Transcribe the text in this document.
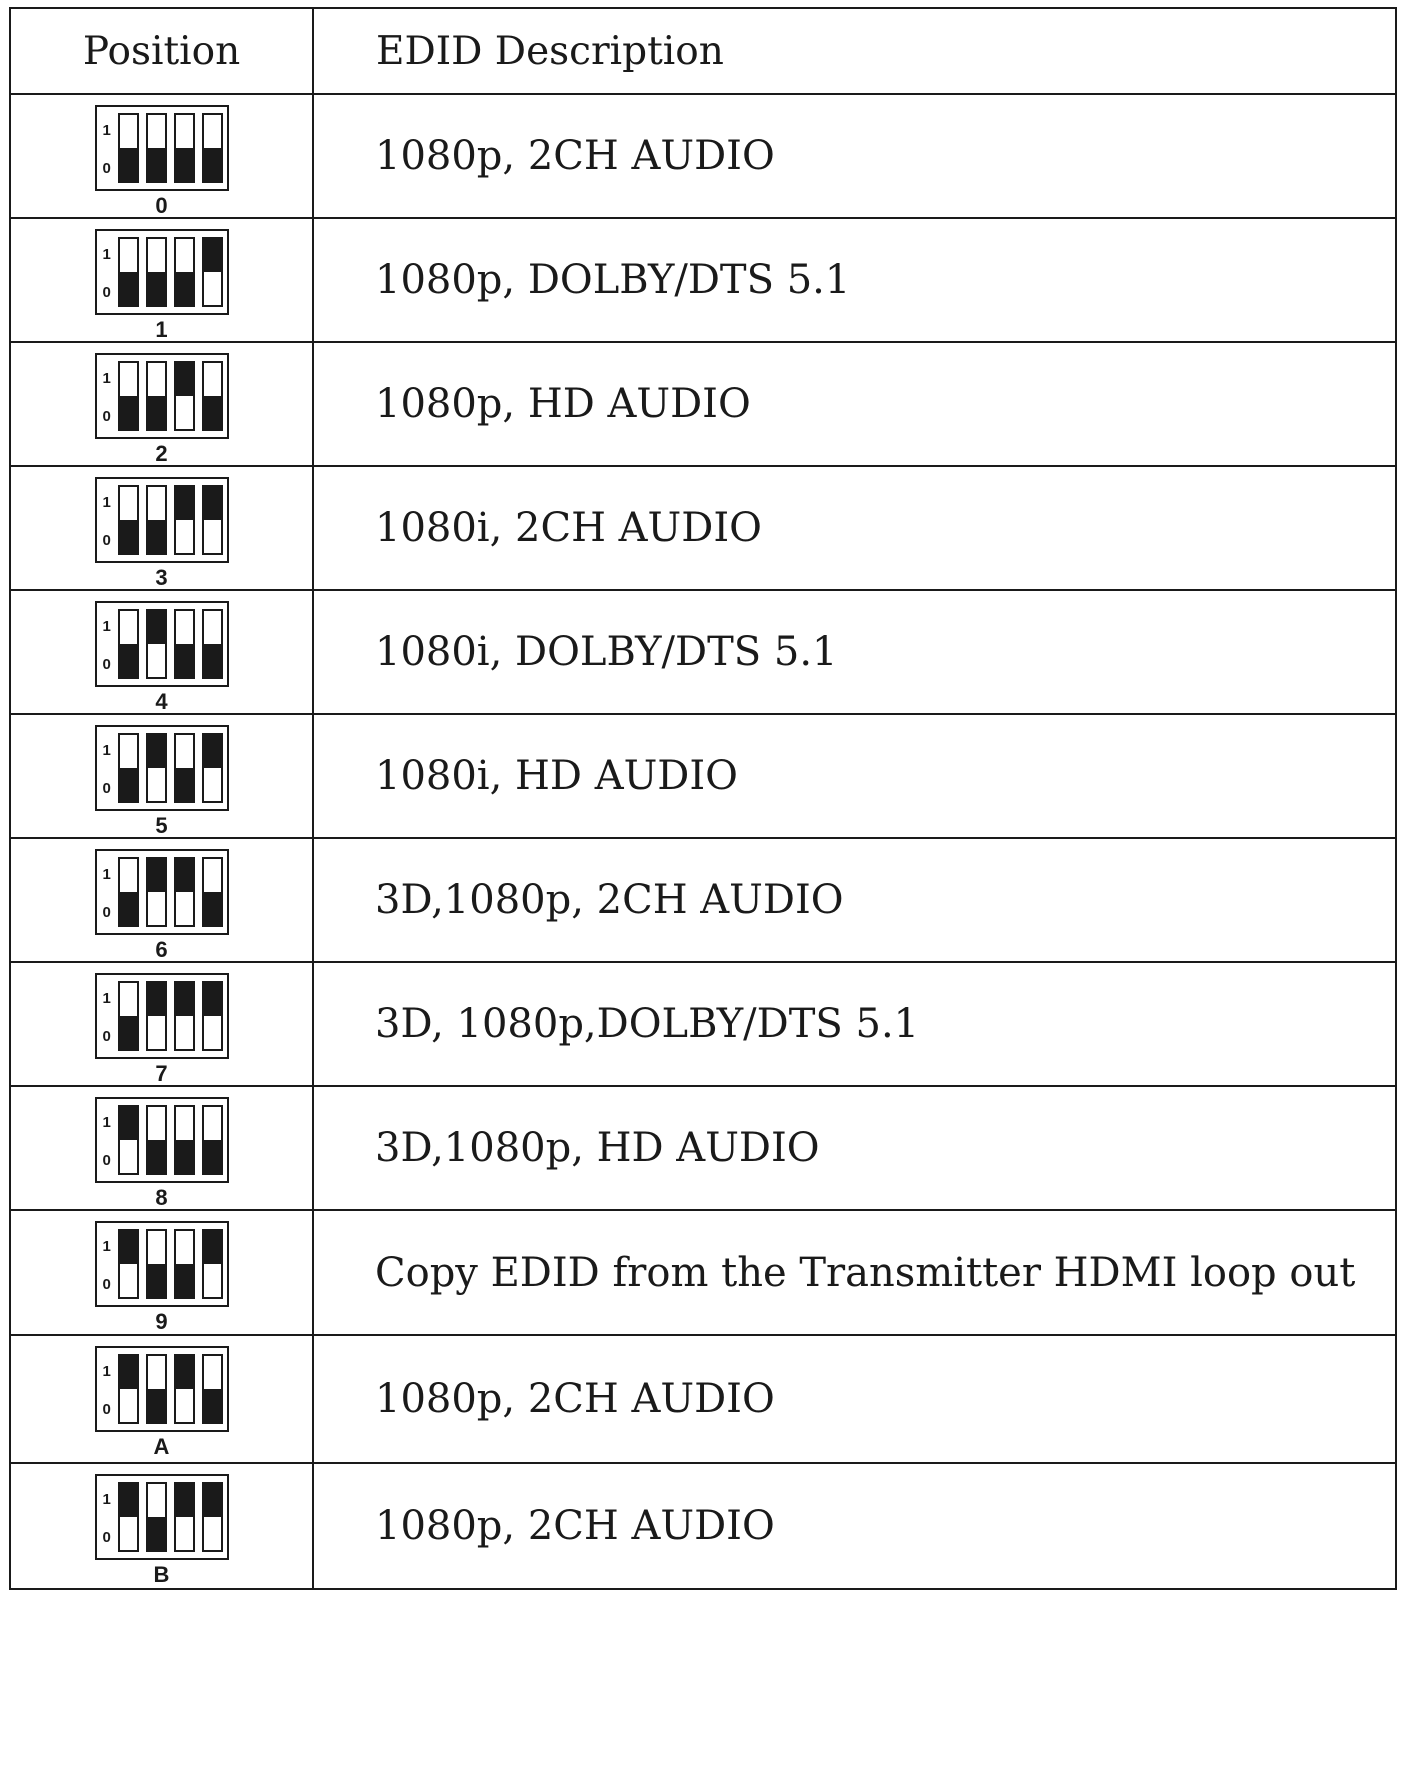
Position	EDID Description

1
0
0	1080p, 2CH AUDIO

1
0
1	1080p, DOLBY/DTS 5.1

1
0
2	1080p, HD AUDIO

1
0
3	1080i, 2CH AUDIO

1
0
4	1080i, DOLBY/DTS 5.1

1
0
5	1080i, HD AUDIO

1
0
6	3D,1080p, 2CH AUDIO

1
0
7	3D, 1080p,DOLBY/DTS 5.1

1
0
8	3D,1080p, HD AUDIO

1
0
9	Copy EDID from the Transmitter HDMI loop out

1
0
A	1080p, 2CH AUDIO

1
0
B	1080p, 2CH AUDIO
